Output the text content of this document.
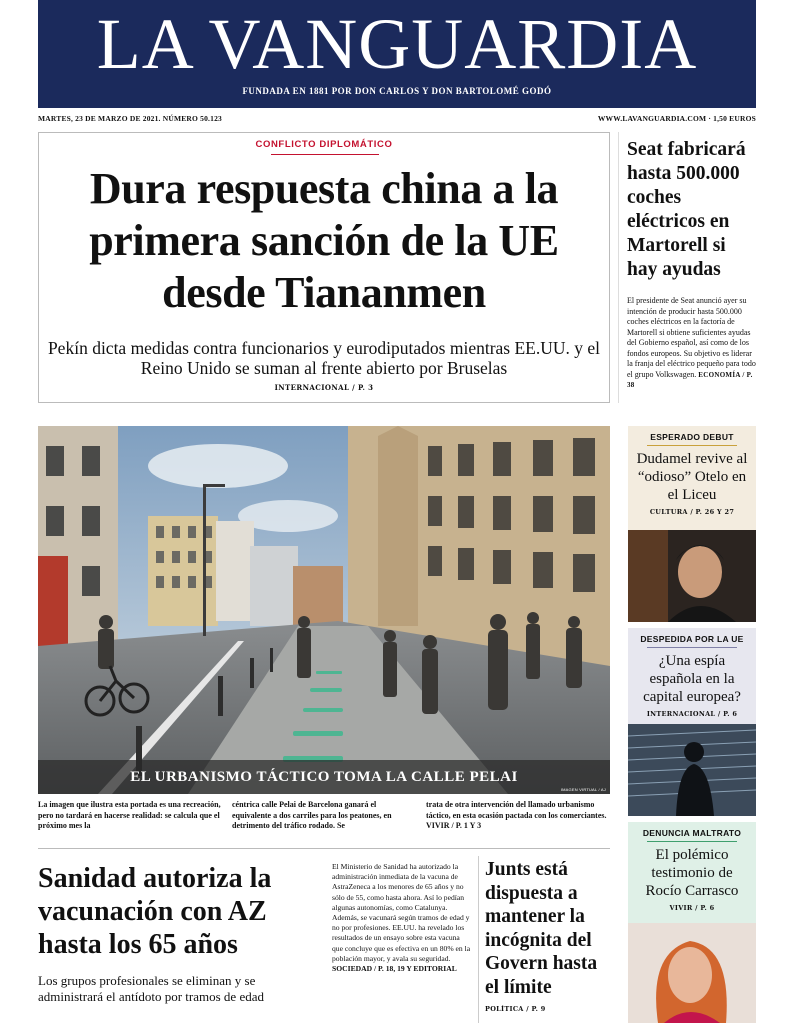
LA VANGUARDIA
FUNDADA EN 1881 POR DON CARLOS Y DON BARTOLOMÉ GODÓ
MARTES, 23 DE MARZO DE 2021. NÚMERO 50.123	WWW.LAVANGUARDIA.COM · 1,50 EUROS
CONFLICTO DIPLOMÁTICO
Dura respuesta china a la primera sanción de la UE desde Tiananmen

Pekín dicta medidas contra funcionarios y eurodiputados mientras EE.UU. y el Reino Unido se suman al frente abierto por Bruselas

INTERNACIONAL / P. 3
Seat fabricará hasta 500.000 coches eléctricos en Martorell si hay ayudas

El presidente de Seat anunció ayer su intención de producir hasta 500.000 coches eléctricos en la factoría de Martorell si obtiene suficientes ayudas del Gobierno español, así como de los fondos europeos. Su objetivo es liderar la franja del eléctrico pequeño para todo el grupo Volkswagen. ECONOMÍA / P. 38

EL URBANISMO TÁCTICO TOMA LA CALLE PELAI
IMAGEN VIRTUAL / AJ

La imagen que ilustra esta portada es una recreación, pero no tardará en hacerse realidad: se calcula que el próximo mes la

céntrica calle Pelai de Barcelona ganará el equivalente a dos carriles para los peatones, en detrimento del tráfico rodado. Se

trata de otra intervención del llamado urbanismo táctico, en esta ocasión pactada con los comerciantes. VIVIR / P. 1 Y 3

Sanidad autoriza la vacunación con AZ hasta los 65 años

Los grupos profesionales se eliminan y se administrará el antídoto por tramos de edad

El Ministerio de Sanidad ha autorizado la administración inmediata de la vacuna de AstraZeneca a los menores de 65 años y no sólo de 55, como hasta ahora. Así lo pedían algunas autonomías, como Catalunya. Además, se vacunará según tramos de edad y no por profesiones. EE.UU. ha revelado los resultados de un ensayo sobre esta vacuna que concluye que es efectiva en un 80% en la población mayor, y avala su seguridad. SOCIEDAD / P. 18, 19 Y EDITORIAL

Junts está dispuesta a mantener la incógnita del Govern hasta el límite
POLÍTICA / P. 9
ESPERADO DEBUT
Dudamel revive al “odioso” Otelo en el Liceu
CULTURA / P. 26 Y 27
DESPEDIDA POR LA UE
¿Una espía española en la capital europea?
INTERNACIONAL / P. 6
DENUNCIA MALTRATO
El polémico testimonio de Rocío Carrasco
VIVIR / P. 6
